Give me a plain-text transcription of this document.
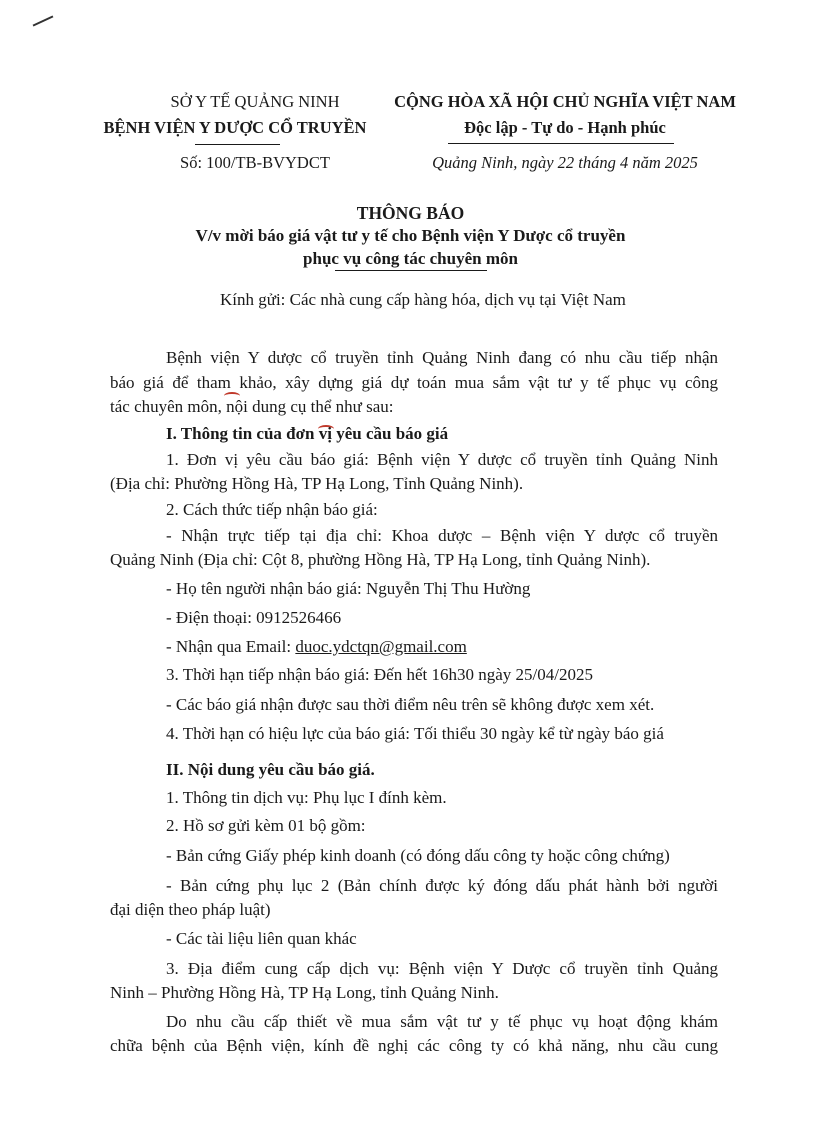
SỞ Y TẾ QUẢNG NINH
BỆNH VIỆN Y DƯỢC CỔ TRUYỀN
Số: 100/TB-BVYDCT
CỘNG HÒA XÃ HỘI CHỦ NGHĨA VIỆT NAM
Độc lập - Tự do - Hạnh phúc
Quảng Ninh, ngày 22 tháng 4 năm 2025
THÔNG BÁO
V/v mời báo giá vật tư y tế cho Bệnh viện Y Dược cổ truyền
phục vụ công tác chuyên môn
Kính gửi: Các nhà cung cấp hàng hóa, dịch vụ tại Việt Nam
Bệnh viện Y dược cổ truyền tỉnh Quảng Ninh đang có nhu cầu tiếp nhận
báo giá để tham khảo, xây dựng giá dự toán mua sắm vật tư y tế phục vụ công
tác chuyên môn, nội dung cụ thể như sau:
I. Thông tin của đơn vị yêu cầu báo giá
1. Đơn vị yêu cầu báo giá: Bệnh viện Y dược cổ truyền tỉnh Quảng Ninh
(Địa chỉ: Phường Hồng Hà, TP Hạ Long, Tỉnh Quảng Ninh).
2. Cách thức tiếp nhận báo giá:
- Nhận trực tiếp tại địa chỉ: Khoa dược – Bệnh viện Y dược cổ truyền
Quảng Ninh (Địa chỉ: Cột 8, phường Hồng Hà, TP Hạ Long, tỉnh Quảng Ninh).
- Họ tên người nhận báo giá: Nguyễn Thị Thu Hường
- Điện thoại: 0912526466
- Nhận qua Email: duoc.ydctqn@gmail.com
3. Thời hạn tiếp nhận báo giá: Đến hết 16h30 ngày 25/04/2025
- Các báo giá nhận được sau thời điểm nêu trên sẽ không được xem xét.
4. Thời hạn có hiệu lực của báo giá: Tối thiểu 30 ngày kể từ ngày báo giá
II. Nội dung yêu cầu báo giá.
1. Thông tin dịch vụ: Phụ lục I đính kèm.
2. Hồ sơ gửi kèm 01 bộ gồm:
- Bản cứng Giấy phép kinh doanh (có đóng dấu công ty hoặc công chứng)
- Bản cứng phụ lục 2 (Bản chính được ký đóng dấu phát hành bởi người
đại diện theo pháp luật)
- Các tài liệu liên quan khác
3. Địa điểm cung cấp dịch vụ: Bệnh viện Y Dược cổ truyền tỉnh Quảng
Ninh – Phường Hồng Hà, TP Hạ Long, tỉnh Quảng Ninh.
Do nhu cầu cấp thiết về mua sắm vật tư y tế phục vụ hoạt động khám
chữa bệnh của Bệnh viện, kính đề nghị các công ty có khả năng, nhu cầu cung
